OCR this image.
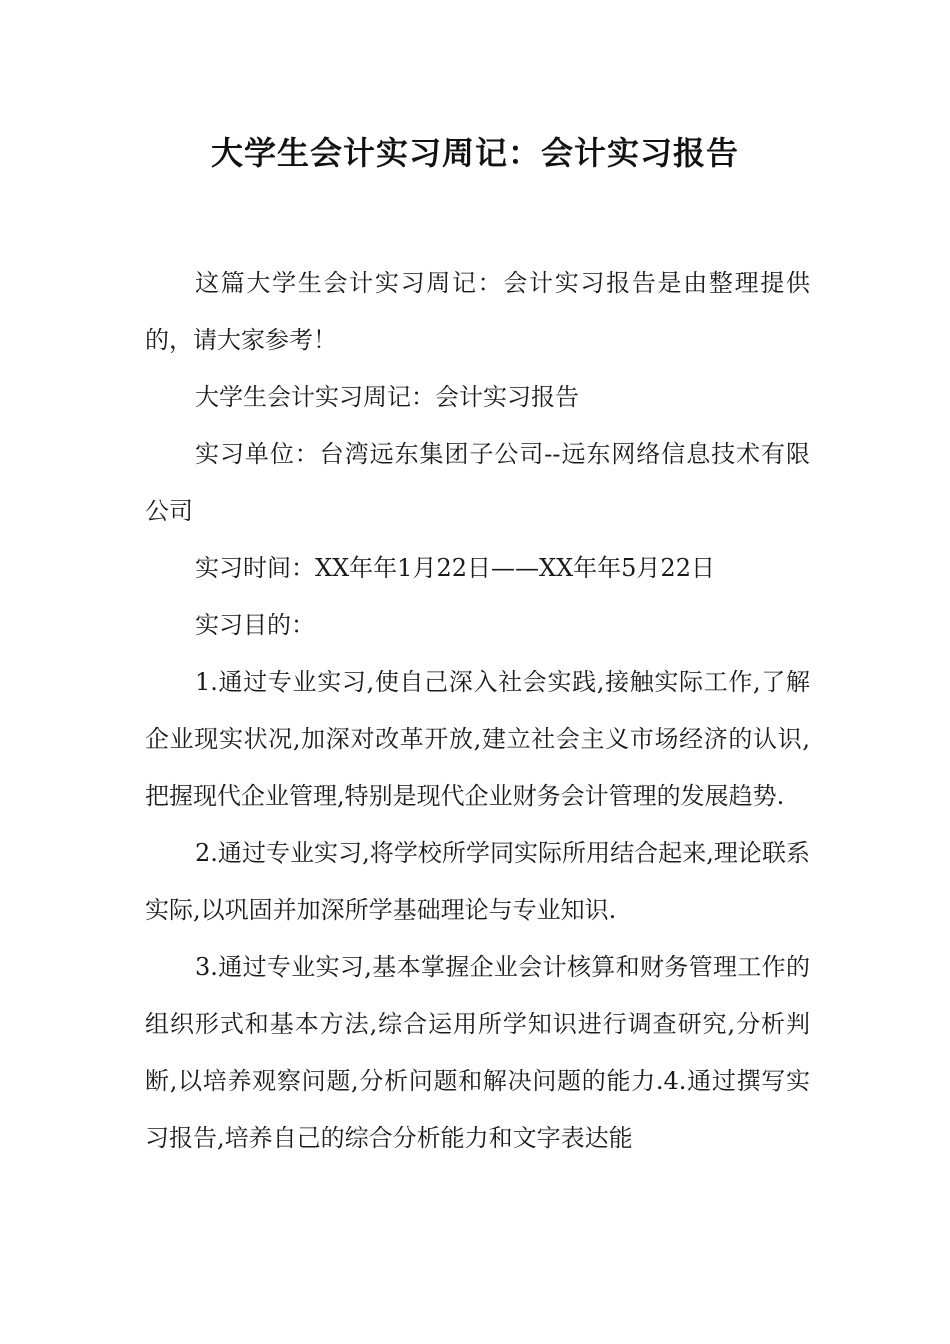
大学生会计实习周记：会计实习报告

这篇大学生会计实习周记：会计实习报告是由整理提供的，请大家参考！

大学生会计实习周记：会计实习报告

实习单位：台湾远东集团子公司--远东网络信息技术有限公司

实习时间：XX年年1月22日——XX年年5月22日

实习目的：

1.通过专业实习,使自己深入社会实践,接触实际工作,了解企业现实状况,加深对改革开放,建立社会主义市场经济的认识,把握现代企业管理,特别是现代企业财务会计管理的发展趋势.

2.通过专业实习,将学校所学同实际所用结合起来,理论联系实际,以巩固并加深所学基础理论与专业知识.

3.通过专业实习,基本掌握企业会计核算和财务管理工作的组织形式和基本方法,综合运用所学知识进行调查研究,分析判断,以培养观察问题,分析问题和解决问题的能力.4.通过撰写实习报告,培养自己的综合分析能力和文字表达能
